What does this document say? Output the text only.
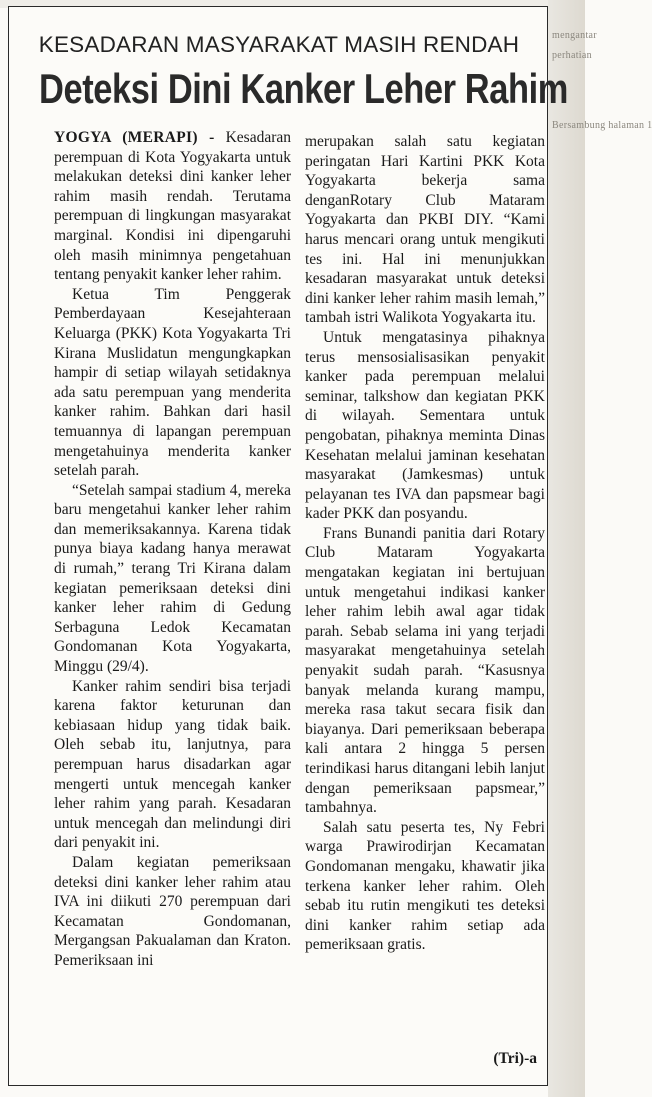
mengantar
perhatian
Bersambung halaman 1
KESADARAN MASYARAKAT MASIH RENDAH
Deteksi Dini Kanker Leher Rahim

YOGYA (MERAPI) - Kesadaran perempuan di Kota Yogyakarta untuk melakukan deteksi dini kanker leher rahim masih rendah. Terutama perempuan di lingkungan masyarakat marginal. Kondisi ini dipengaruhi oleh masih minimnya pengetahuan tentang penyakit kanker leher rahim.

Ketua Tim Penggerak Pemberdayaan Kesejahteraan Keluarga (PKK) Kota Yogyakarta Tri Kirana Muslidatun mengungkapkan hampir di setiap wilayah setidaknya ada satu perempuan yang menderita kanker rahim. Bahkan dari hasil temuannya di lapangan perempuan mengetahuinya menderita kanker setelah parah.

“Setelah sampai stadium 4, mereka baru mengetahui kanker leher rahim dan memeriksakannya. Karena tidak punya biaya kadang hanya merawat di rumah,” terang Tri Kirana dalam kegiatan pemeriksaan deteksi dini kanker leher rahim di Gedung Serbaguna Ledok Kecamatan Gondomanan Kota Yogyakarta, Minggu (29/4).

Kanker rahim sendiri bisa terjadi karena faktor keturunan dan kebiasaan hidup yang tidak baik. Oleh sebab itu, lanjutnya, para perempuan harus disadarkan agar mengerti untuk mencegah kanker leher rahim yang parah. Kesadaran untuk mencegah dan melindungi diri dari penyakit ini.

Dalam kegiatan pemeriksaan deteksi dini kanker leher rahim atau IVA ini diikuti 270 perempuan dari Kecamatan Gondomanan, Mergangsan Pakualaman dan Kraton. Pemeriksaan ini

merupakan salah satu kegiatan peringatan Hari Kartini PKK Kota Yogyakarta bekerja sama denganRotary Club Mataram Yogyakarta dan PKBI DIY. “Kami harus mencari orang untuk mengikuti tes ini. Hal ini menunjukkan kesadaran masyarakat untuk deteksi dini kanker leher rahim masih lemah,” tambah istri Walikota Yogyakarta itu.

Untuk mengatasinya pihaknya terus mensosialisasikan penyakit kanker pada perempuan melalui seminar, talkshow dan kegiatan PKK di wilayah. Sementara untuk pengobatan, pihaknya meminta Dinas Kesehatan melalui jaminan kesehatan masyarakat (Jamkesmas) untuk pelayanan tes IVA dan papsmear bagi kader PKK dan posyandu.

Frans Bunandi panitia dari Rotary Club Mataram Yogyakarta mengatakan kegiatan ini bertujuan untuk mengetahui indikasi kanker leher rahim lebih awal agar tidak parah. Sebab selama ini yang terjadi masyarakat mengetahuinya setelah penyakit sudah parah. “Kasusnya banyak melanda kurang mampu, mereka rasa takut secara fisik dan biayanya. Dari pemeriksaan beberapa kali antara 2 hingga 5 persen terindikasi harus ditangani lebih lanjut dengan pemeriksaan papsmear,” tambahnya.

Salah satu peserta tes, Ny Febri warga Prawirodirjan Kecamatan Gondomanan mengaku, khawatir jika terkena kanker leher rahim. Oleh sebab itu rutin mengikuti tes deteksi dini kanker rahim setiap ada pemeriksaan gratis.

(Tri)-a
